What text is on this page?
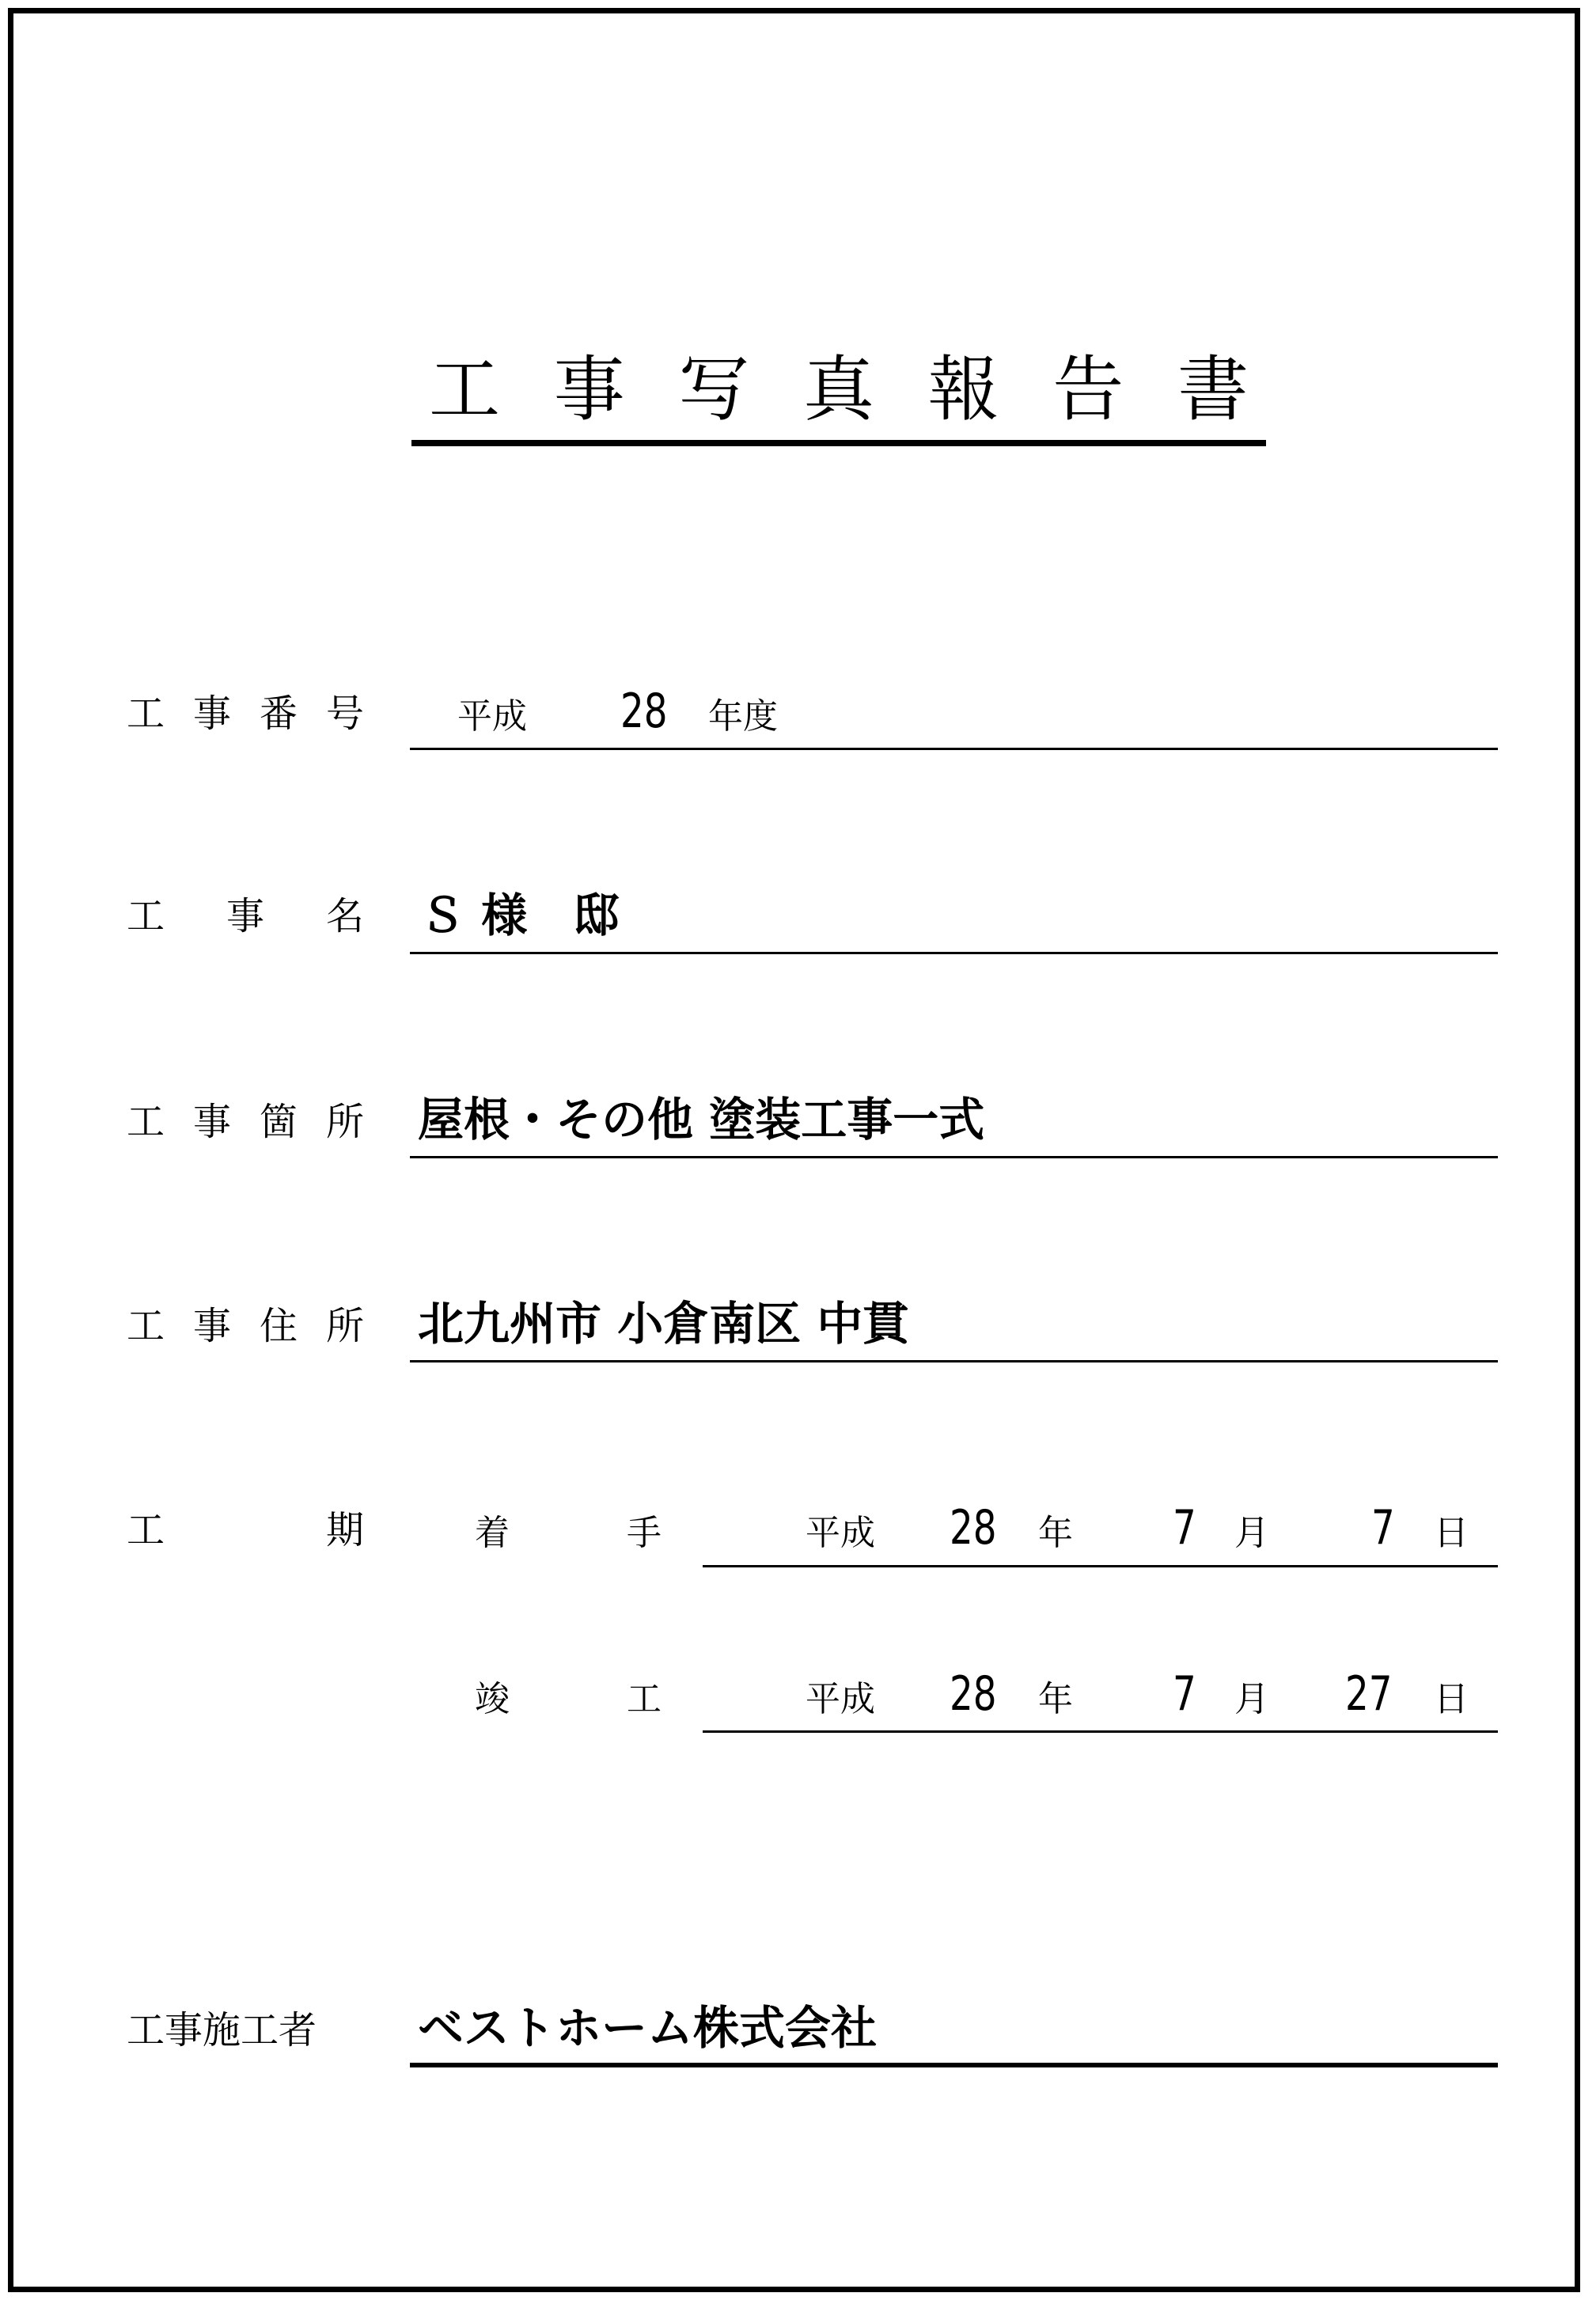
工 事 写 真 報 告 書
工 事 番 号	平成 28 年度
工 事 名 Ｓ 様　邸
工 事 箇 所 屋根・その他 塗装工事一式
工 事 住 所 北九州市 小倉南区 中貫
工	期	着	手	平成 28 年 7 月 7 日
竣	工	平成 28 年 7 月 27 日
工事施工者 ベストホーム株式会社
